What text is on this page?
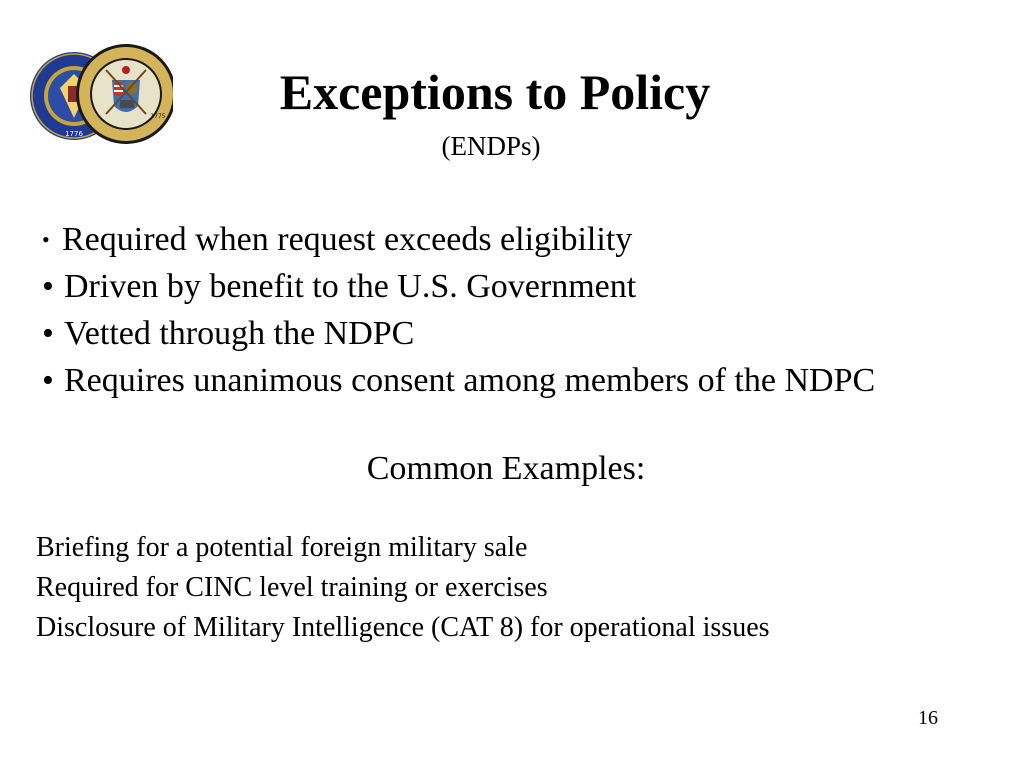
1776
1775	Exceptions to Policy
(ENDPs)
• Required when request exceeds eligibility
• Driven by benefit to the U.S. Government
• Vetted through the NDPC
• Requires unanimous consent among members of the NDPC
Common Examples:
Briefing for a potential foreign military sale
Required for CINC level training or exercises
Disclosure of Military Intelligence (CAT 8) for operational issues
16
